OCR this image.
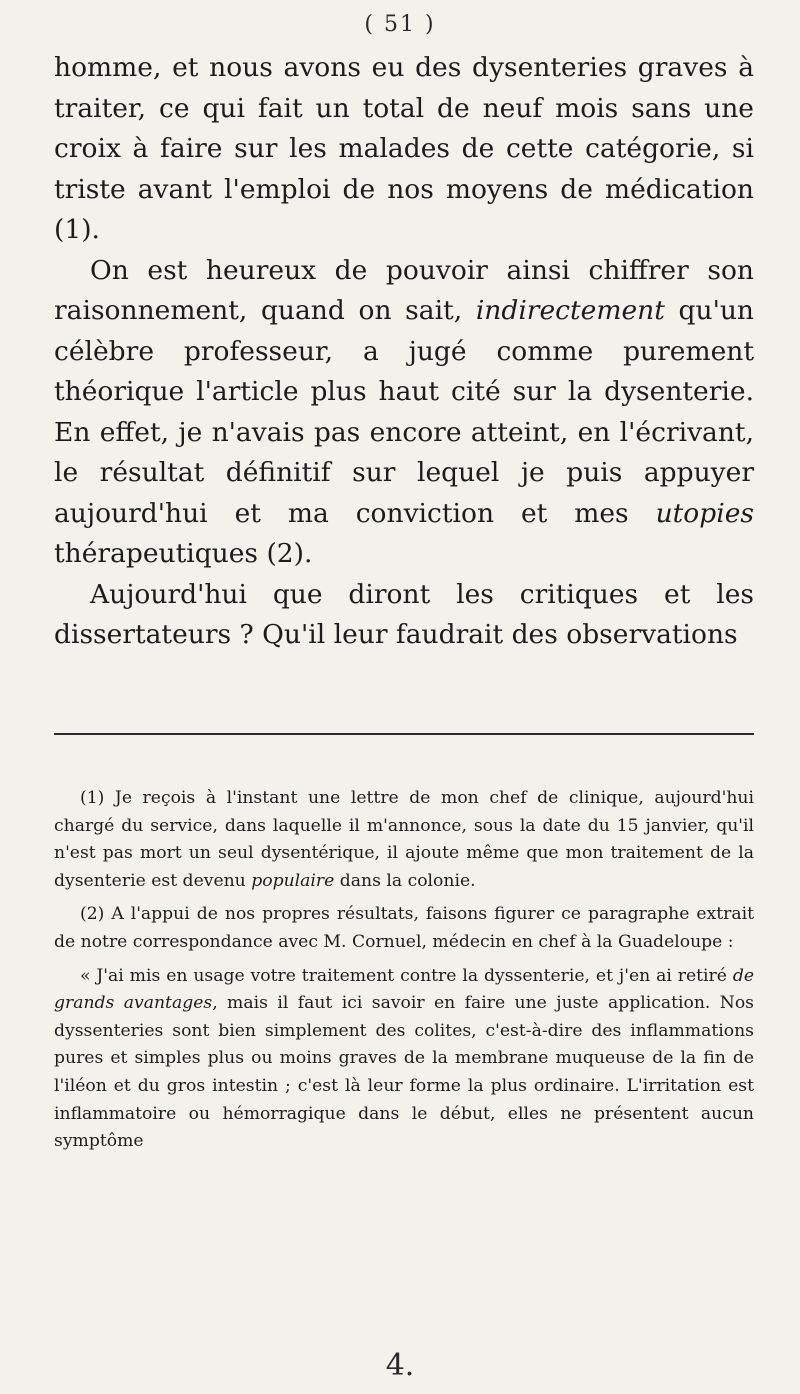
( 51 )

homme, et nous avons eu des dysenteries graves à traiter, ce qui fait un total de neuf mois sans une croix à faire sur les malades de cette catégorie, si triste avant l'emploi de nos moyens de médication (1).

On est heureux de pouvoir ainsi chiffrer son raisonnement, quand on sait, indirectement qu'un célèbre professeur, a jugé comme purement théorique l'article plus haut cité sur la dysenterie. En effet, je n'avais pas encore atteint, en l'écrivant, le résultat définitif sur lequel je puis appuyer aujourd'hui et ma conviction et mes utopies thérapeutiques (2).

Aujourd'hui que diront les critiques et les dissertateurs ? Qu'il leur faudrait des observations

(1) Je reçois à l'instant une lettre de mon chef de clinique, aujourd'hui chargé du service, dans laquelle il m'annonce, sous la date du 15 janvier, qu'il n'est pas mort un seul dysentérique, il ajoute même que mon traitement de la dysenterie est devenu populaire dans la colonie.

(2) A l'appui de nos propres résultats, faisons figurer ce paragraphe extrait de notre correspondance avec M. Cornuel, médecin en chef à la Guadeloupe :

« J'ai mis en usage votre traitement contre la dyssenterie, et j'en ai retiré de grands avantages, mais il faut ici savoir en faire une juste application. Nos dyssenteries sont bien simplement des colites, c'est-à-dire des inflammations pures et simples plus ou moins graves de la membrane muqueuse de la fin de l'iléon et du gros intestin ; c'est là leur forme la plus ordinaire. L'irritation est inflammatoire ou hémorragique dans le début, elles ne présentent aucun symptôme

4.
